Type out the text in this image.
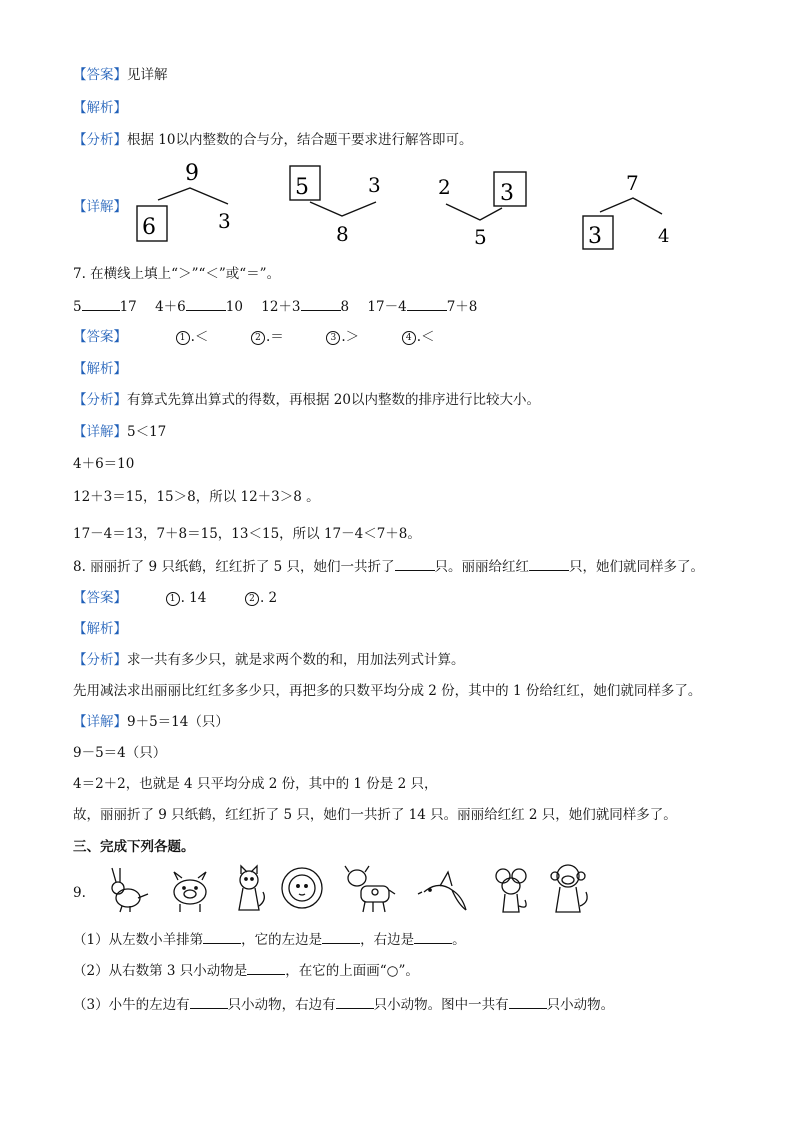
【答案】见详解
【解析】
【分析】根据 10以内整数的合与分，结合题干要求进行解答即可。
【详解】
9
6	3
5	3
8
2 3
5
7
3	4
7. 在横线上填上“＞”“＜”或“＝”。
5	17 4＋6	10 12＋3	8 17－4	7＋8
【答案】	1 .＜	2 .＝	3 .＞	4 .＜
【解析】
【分析】有算式先算出算式的得数，再根据 20以内整数的排序进行比较大小。
【详解】5＜17
4＋6＝10
12＋3＝15，15＞8，所以 12＋3＞8 。
17－4＝13，7＋8＝15，13＜15，所以 17－4＜7＋8。
8. 丽丽折了 9 只纸鹤，红红折了 5 只，她们一共折了	只。丽丽给红红	只，她们就同样多了。
【答案】	1 . 14	2 . 2
【解析】
【分析】求一共有多少只，就是求两个数的和，用加法列式计算。
先用减法求出丽丽比红红多多少只，再把多的只数平均分成 2 份，其中的 1 份给红红，她们就同样多了。
【详解】9＋5＝14（只）
9－5＝4（只）
4＝2＋2，也就是 4 只平均分成 2 份，其中的 1 份是 2 只，
故，丽丽折了 9 只纸鹤，红红折了 5 只，她们一共折了 14 只。丽丽给红红 2 只，她们就同样多了。
三、完成下列各题。
9.
（1）从左数小羊排第	，它的左边是	，右边是	。
（2）从右数第 3 只小动物是	，在它的上面画“○”。
（3）小牛的左边有	只小动物，右边有	只小动物。图中一共有	只小动物。
